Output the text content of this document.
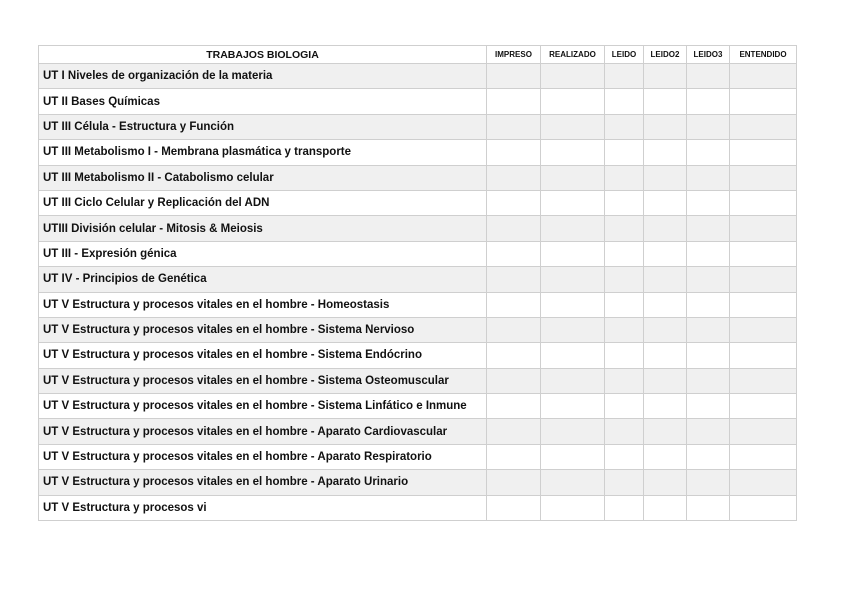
TRABAJOS BIOLOGIA	IMPRESO	REALIZADO	LEIDO	LEIDO2	LEIDO3	ENTENDIDO
UT I Niveles de organización de la materia						
UT II Bases Químicas						
UT III Célula - Estructura y Función						
UT III Metabolismo I - Membrana plasmática y transporte						
UT III Metabolismo II - Catabolismo celular						
UT III Ciclo Celular y Replicación del ADN						
UTIII División celular - Mitosis & Meiosis						
UT III - Expresión génica						
UT IV - Principios de Genética						
UT V Estructura y procesos vitales en el hombre - Homeostasis						
UT V Estructura y procesos vitales en el hombre - Sistema Nervioso						
UT V Estructura y procesos vitales en el hombre - Sistema Endócrino						
UT V Estructura y procesos vitales en el hombre - Sistema Osteomuscular						
UT V Estructura y procesos vitales en el hombre - Sistema Linfático e Inmune						
UT V Estructura y procesos vitales en el hombre - Aparato Cardiovascular						
UT V Estructura y procesos vitales en el hombre - Aparato Respiratorio						
UT V Estructura y procesos vitales en el hombre - Aparato Urinario						
UT V Estructura y procesos vi						
